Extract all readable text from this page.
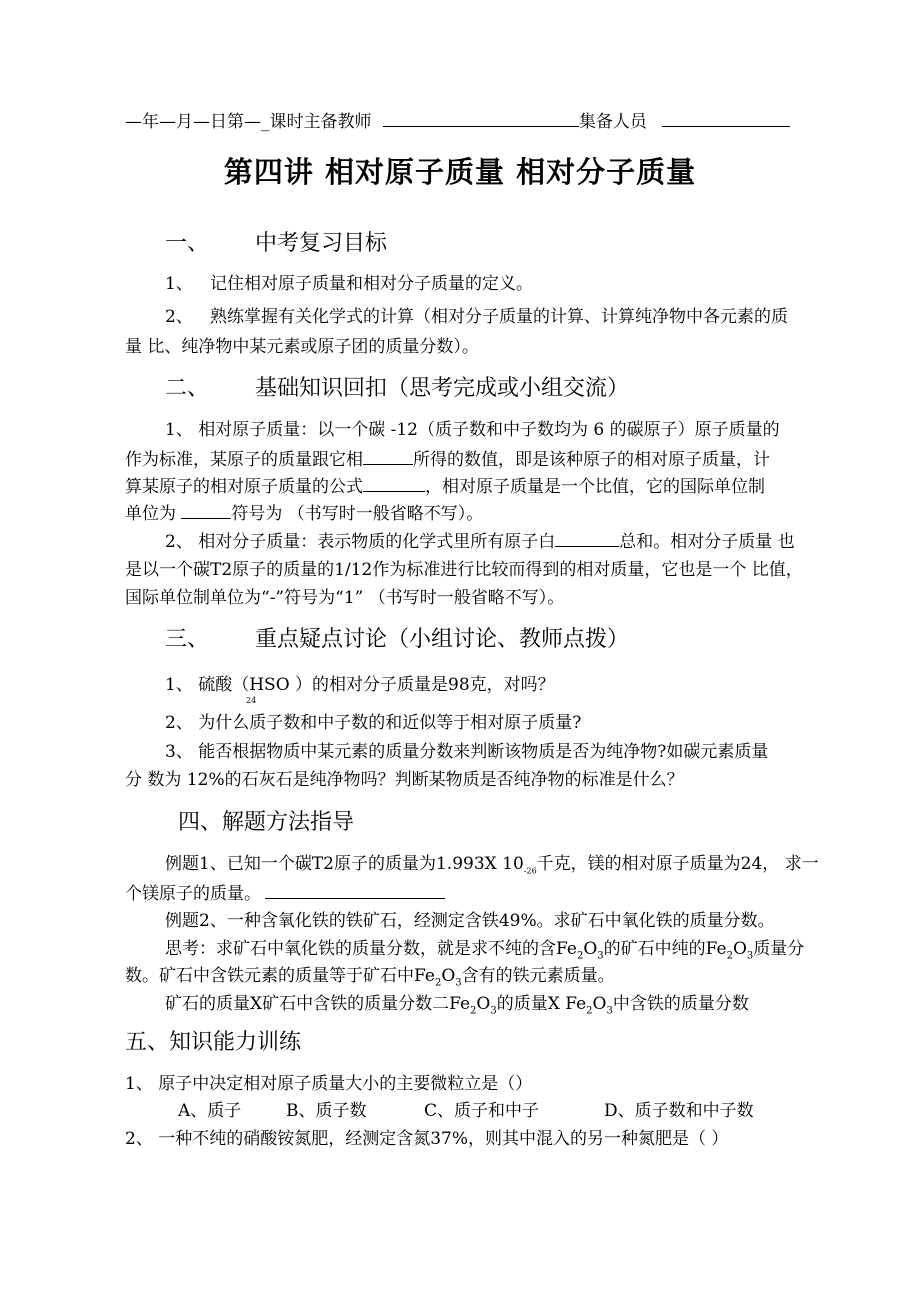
—年—月—日第—_课时主备教师	集备人员
第四讲 相对原子质量 相对分子质量
一、 中考复习目标
1、 记住相对原子质量和相对分子质量的定义。
2、 熟练掌握有关化学式的计算（相对分子质量的计算、计算纯净物中各元素的质
量 比、纯净物中某元素或原子团的质量分数）。
二、 基础知识回扣（思考完成或小组交流）
1、 相对原子质量：以一个碳 -12（质子数和中子数均为 6 的碳原子）原子质量的
作为标准，某原子的质量跟它相	所得的数值，即是该种原子的相对原子质量，计
算某原子的相对原子质量的公式	，相对原子质量是一个比值，它的国际单位制
单位为	符号为 （书写时一般省略不写）。
2、 相对分子质量：表示物质的化学式里所有原子白	总和。相对分子质量 也
是以一个碳T2原子的质量的1/12作为标准进行比较而得到的相对质量，它也是一个 比值，
国际单位制单位为“-”符号为“1” （书写时一般省略不写）。
三、 重点疑点讨论（小组讨论、教师点拨）
1、 硫酸（HSO ）的相对分子质量是98克，对吗？
24
2、 为什么质子数和中子数的和近似等于相对原子质量?
3、 能否根据物质中某元素的质量分数来判断该物质是否为纯净物?如碳元素质量
分 数为 12%的石灰石是纯净物吗？判断某物质是否纯净物的标准是什么？
四、解题方法指导
例题1、已知一个碳T2原子的质量为1.993X $10_{-26}$千克，镁的相对原子质量为24， 求一
个镁原子的质量。
例题2、一种含氧化铁的铁矿石，经测定含铁49%。求矿石中氧化铁的质量分数。
思考：求矿石中氧化铁的质量分数，就是求不纯的含$Fe_2O_3$的矿石中纯的$Fe_2O_3$质量分
数。矿石中含铁元素的质量等于矿石中$Fe_2O_3$含有的铁元素质量。
矿石的质量X矿石中含铁的质量分数二$Fe_2O_3$的质量X $Fe_2O_3$中含铁的质量分数
五、知识能力训练
1、 原子中决定相对原子质量大小的主要微粒立是（）
A、质子	B、质子数	C、质子和中子	D、质子数和中子数
2、 一种不纯的硝酸铵氮肥，经测定含氮37%，则其中混入的另一种氮肥是（ ）
